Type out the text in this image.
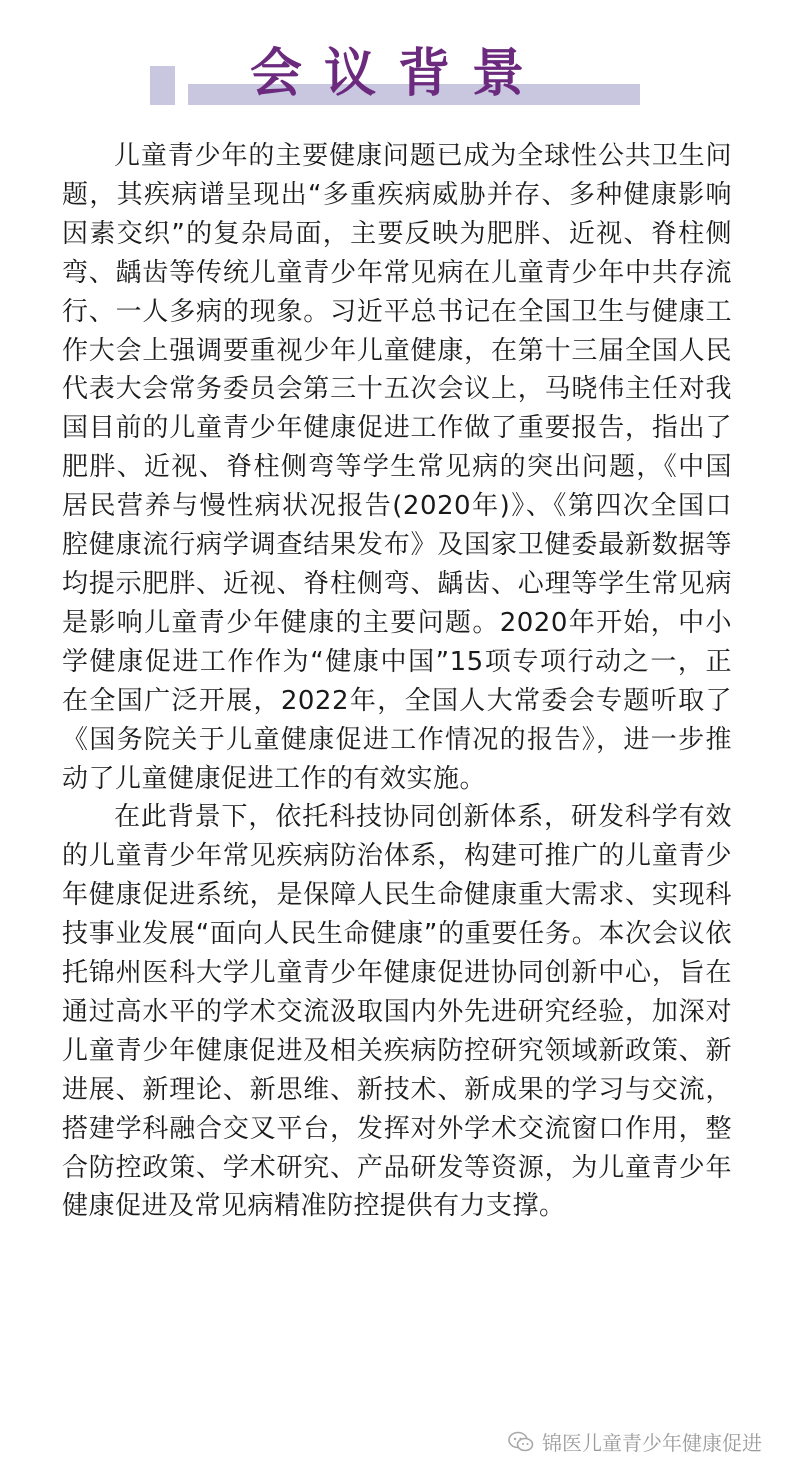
会议背景

儿童青少年的主要健康问题已成为全球性公共卫生问题，其疾病谱呈现出“多重疾病威胁并存、多种健康影响因素交织”的复杂局面，主要反映为肥胖、近视、脊柱侧弯、龋齿等传统儿童青少年常见病在儿童青少年中共存流行、一人多病的现象。习近平总书记在全国卫生与健康工作大会上强调要重视少年儿童健康，在第十三届全国人民代表大会常务委员会第三十五次会议上，马晓伟主任对我国目前的儿童青少年健康促进工作做了重要报告，指出了肥胖、近视、脊柱侧弯等学生常见病的突出问题，《中国居民营养与慢性病状况报告(2020年)》、《第四次全国口腔健康流行病学调查结果发布》及国家卫健委最新数据等均提示肥胖、近视、脊柱侧弯、龋齿、心理等学生常见病是影响儿童青少年健康的主要问题。2020年开始，中小学健康促进工作作为“健康中国”15项专项行动之一，正在全国广泛开展，2022年，全国人大常委会专题听取了《国务院关于儿童健康促进工作情况的报告》，进一步推动了儿童健康促进工作的有效实施。

在此背景下，依托科技协同创新体系，研发科学有效的儿童青少年常见疾病防治体系，构建可推广的儿童青少年健康促进系统，是保障人民生命健康重大需求、实现科技事业发展“面向人民生命健康”的重要任务。本次会议依托锦州医科大学儿童青少年健康促进协同创新中心，旨在通过高水平的学术交流汲取国内外先进研究经验，加深对儿童青少年健康促进及相关疾病防控研究领域新政策、新进展、新理论、新思维、新技术、新成果的学习与交流，搭建学科融合交叉平台，发挥对外学术交流窗口作用，整合防控政策、学术研究、产品研发等资源，为儿童青少年健康促进及常见病精准防控提供有力支撑。

锦医儿童青少年健康促进
